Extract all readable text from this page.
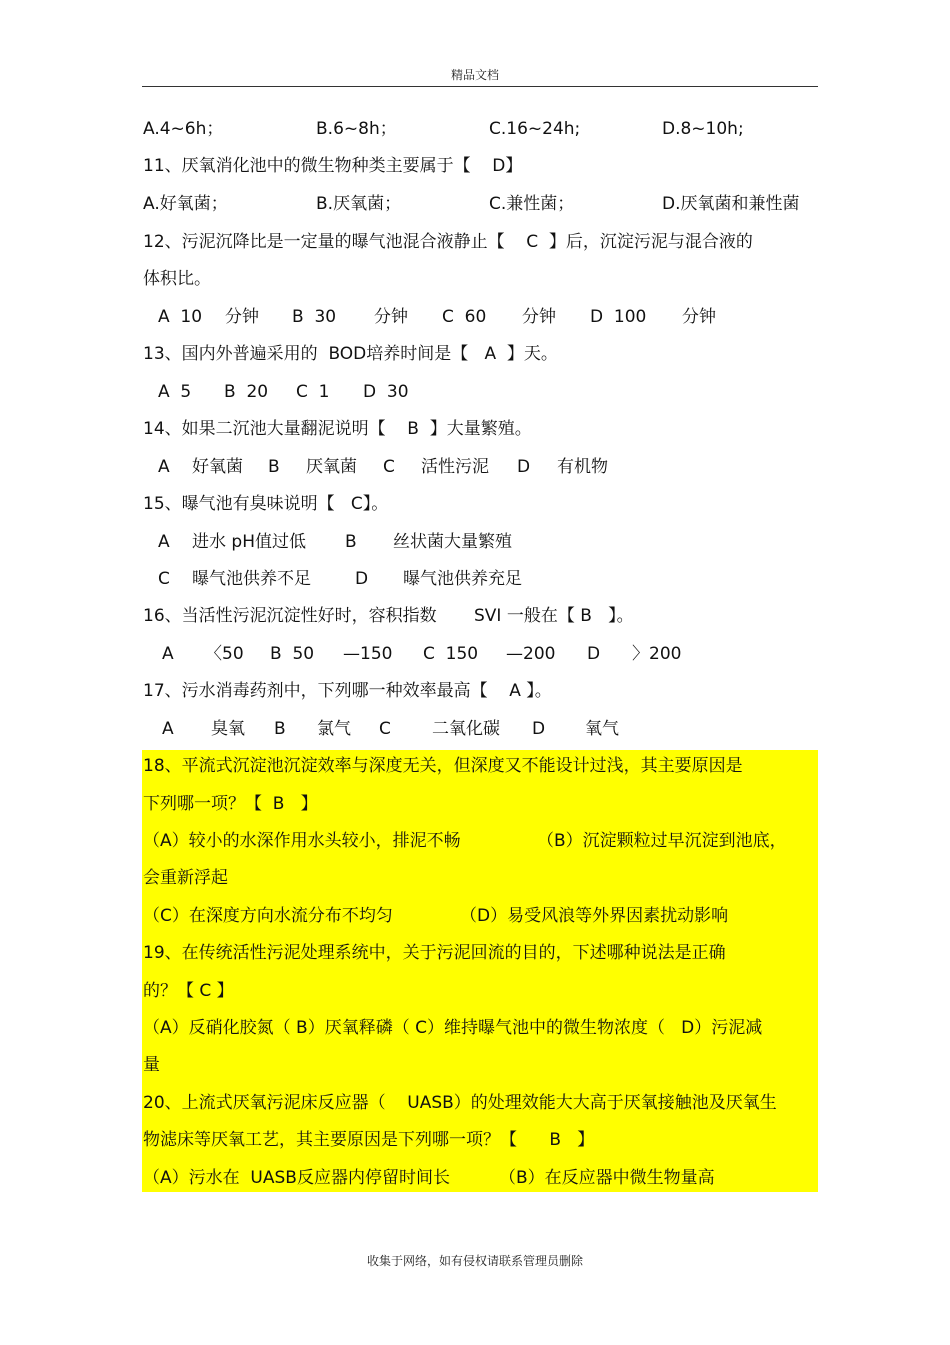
精品文档
A.4~6h；	B.6~8h；	C.16~24h;	D.8~10h;
11、厌氧消化池中的微生物种类主要属于【    D】
A.好氧菌；	B.厌氧菌；	C.兼性菌；	D.厌氧菌和兼性菌
12、污泥沉降比是一定量的曝气池混合液静止【    C  】后，沉淀污泥与混合液的
体积比。
A  10 分钟 B  30 分钟 C  60 分钟 D  100 分钟
13、国内外普遍采用的  BOD培养时间是【   A  】天。
A  5 B  20 C  1 D  30
14、如果二沉池大量翻泥说明【    B  】大量繁殖。
A 好氧菌 B 厌氧菌 C 活性污泥 D 有机物
15、曝气池有臭味说明【   C】。
A 进水 pH值过低 B 丝状菌大量繁殖
C 曝气池供养不足	D 曝气池供养充足
16、当活性污泥沉淀性好时，容积指数 SVI 一般在【 B   】。
A 〈50 B  50 —150 C  150 —200 D 〉200
17、污水消毒药剂中，下列哪一种效率最高【    A 】。
A 臭氧 B 氯气 C 二氧化碳 D 氧气
18、平流式沉淀池沉淀效率与深度无关，但深度又不能设计过浅，其主要原因是
下列哪一项？【  B   】
（A）较小的水深作用水头较小，排泥不畅	（B）沉淀颗粒过早沉淀到池底，
会重新浮起
（C）在深度方向水流分布不均匀	（D）易受风浪等外界因素扰动影响
19、在传统活性污泥处理系统中，关于污泥回流的目的，下述哪种说法是正确
的？【 C 】
（A）反硝化胶氮（ B）厌氧释磷（ C）维持曝气池中的微生物浓度（   D）污泥减
量
20、上流式厌氧污泥床反应器（    UASB）的处理效能大大高于厌氧接触池及厌氧生
物滤床等厌氧工艺，其主要原因是下列哪一项？【      B   】
（A）污水在  UASB反应器内停留时间长	（B）在反应器中微生物量高
收集于网络，如有侵权请联系管理员删除
